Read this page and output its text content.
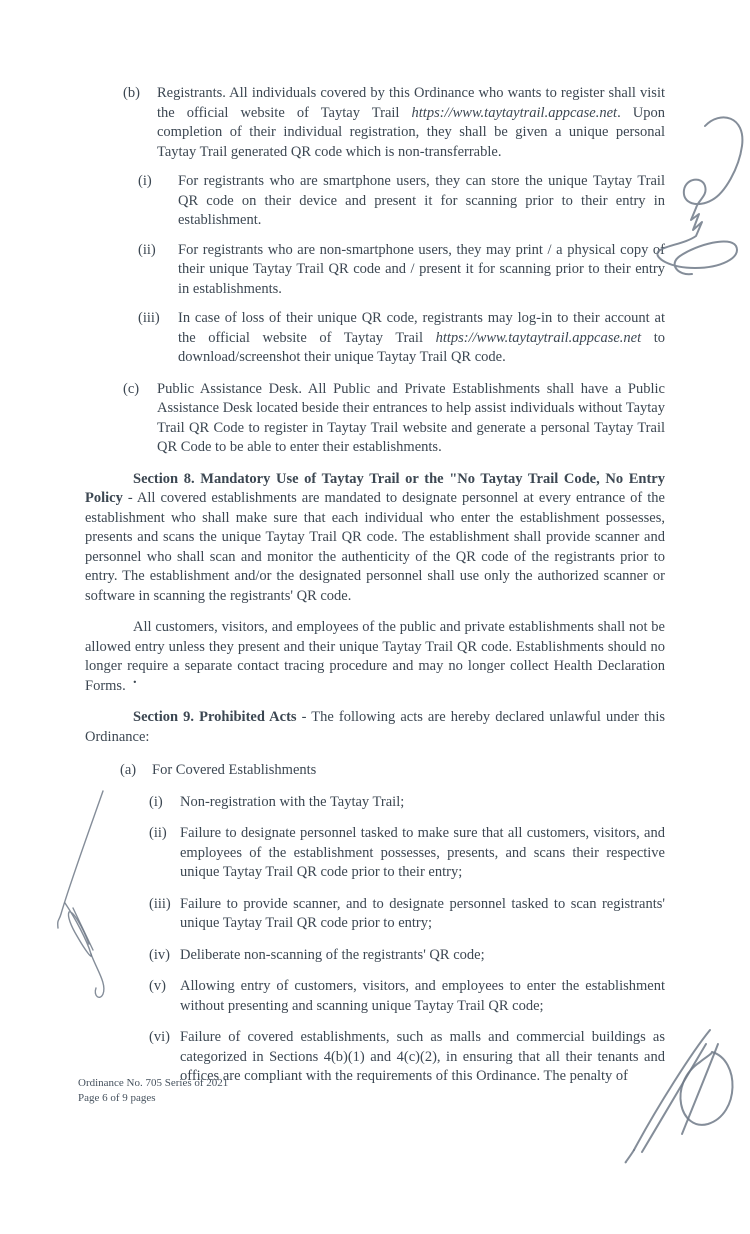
(b)	Registrants. All individuals covered by this Ordinance who wants to register shall visit the official website of Taytay Trail https://www.taytaytrail.appcase.net. Upon completion of their individual registration, they shall be given a unique personal Taytay Trail generated QR code which is non-transferrable.
(i)	For registrants who are smartphone users, they can store the unique Taytay Trail QR code on their device and present it for scanning prior to their entry in establishment.
(ii)	For registrants who are non-smartphone users, they may print / a physical copy of their unique Taytay Trail QR code and / present it for scanning prior to their entry in establishments.
(iii)	In case of loss of their unique QR code, registrants may log-in to their account at the official website of Taytay Trail https://www.taytaytrail.appcase.net to download/screenshot their unique Taytay Trail QR code.
(c)	Public Assistance Desk. All Public and Private Establishments shall have a Public Assistance Desk located beside their entrances to help assist individuals without Taytay Trail QR Code to register in Taytay Trail website and generate a personal Taytay Trail QR Code to be able to enter their establishments.

Section 8. Mandatory Use of Taytay Trail or the "No Taytay Trail Code, No Entry Policy - All covered establishments are mandated to designate personnel at every entrance of the establishment who shall make sure that each individual who enter the establishment possesses, presents and scans the unique Taytay Trail QR code. The establishment shall provide scanner and personnel who shall scan and monitor the authenticity of the QR code of the registrants prior to entry. The establishment and/or the designated personnel shall use only the authorized scanner or software in scanning the registrants' QR code.

All customers, visitors, and employees of the public and private establishments shall not be allowed entry unless they present and their unique Taytay Trail QR code. Establishments should no longer require a separate contact tracing procedure and may no longer collect Health Declaration Forms.

Section 9. Prohibited Acts - The following acts are hereby declared unlawful under this Ordinance:

(a)	For Covered Establishments
(i)	Non-registration with the Taytay Trail;
(ii) Failure to designate personnel tasked to make sure that all customers, visitors, and employees of the establishment possesses, presents, and scans their respective unique Taytay Trail QR code prior to their entry;
(iii) Failure to provide scanner, and to designate personnel tasked to scan registrants' unique Taytay Trail QR code prior to entry;
(iv) Deliberate non-scanning of the registrants' QR code;
(v) Allowing entry of customers, visitors, and employees to enter the establishment without presenting and scanning unique Taytay Trail QR code;
(vi) Failure of covered establishments, such as malls and commercial buildings as categorized in Sections 4(b)(1) and 4(c)(2), in ensuring that all their tenants and offices are compliant with the requirements of this Ordinance. The penalty of
.
Ordinance No. 705 Series of 2021
Page 6 of 9 pages
